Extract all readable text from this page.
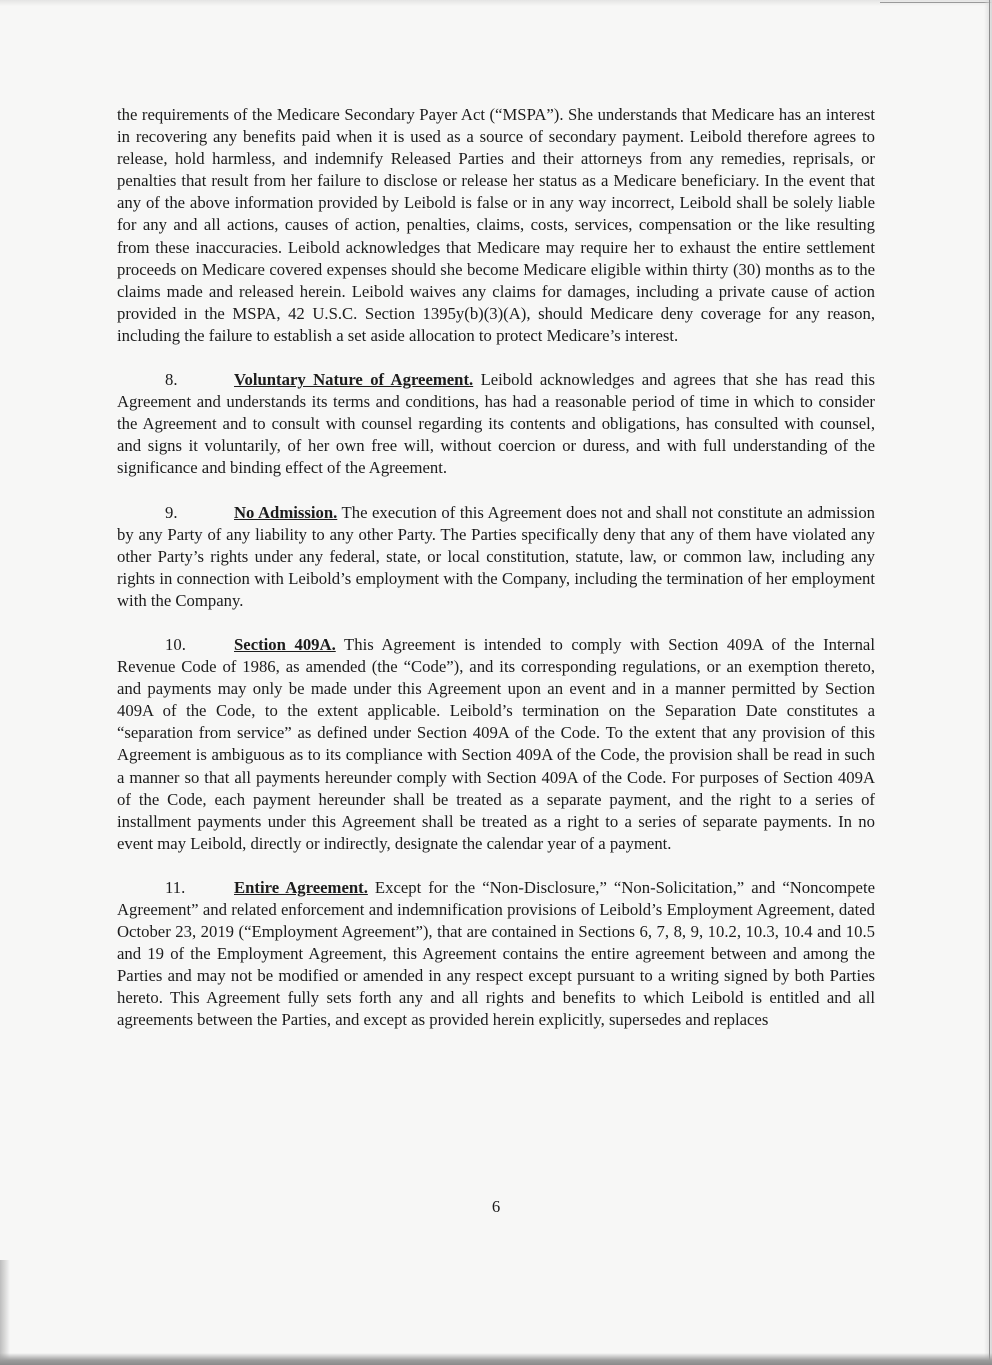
the requirements of the Medicare Secondary Payer Act (“MSPA”). She understands that Medicare has an interest in recovering any benefits paid when it is used as a source of secondary payment. Leibold therefore agrees to release, hold harmless, and indemnify Released Parties and their attorneys from any remedies, reprisals, or penalties that result from her failure to disclose or release her status as a Medicare beneficiary. In the event that any of the above information provided by Leibold is false or in any way incorrect, Leibold shall be solely liable for any and all actions, causes of action, penalties, claims, costs, services, compensation or the like resulting from these inaccuracies. Leibold acknowledges that Medicare may require her to exhaust the entire settlement proceeds on Medicare covered expenses should she become Medicare eligible within thirty (30) months as to the claims made and released herein. Leibold waives any claims for damages, including a private cause of action provided in the MSPA, 42 U.S.C. Section 1395y(b)(3)(A), should Medicare deny coverage for any reason, including the failure to establish a set aside allocation to protect Medicare’s interest.

8.	Voluntary Nature of Agreement. Leibold acknowledges and agrees that she has read this Agreement and understands its terms and conditions, has had a reasonable period of time in which to consider the Agreement and to consult with counsel regarding its contents and obligations, has consulted with counsel, and signs it voluntarily, of her own free will, without coercion or duress, and with full understanding of the significance and binding effect of the Agreement.

9.	No Admission. The execution of this Agreement does not and shall not constitute an admission by any Party of any liability to any other Party. The Parties specifically deny that any of them have violated any other Party’s rights under any federal, state, or local constitution, statute, law, or common law, including any rights in connection with Leibold’s employment with the Company, including the termination of her employment with the Company.

10.	Section 409A. This Agreement is intended to comply with Section 409A of the Internal Revenue Code of 1986, as amended (the “Code”), and its corresponding regulations, or an exemption thereto, and payments may only be made under this Agreement upon an event and in a manner permitted by Section 409A of the Code, to the extent applicable. Leibold’s termination on the Separation Date constitutes a “separation from service” as defined under Section 409A of the Code. To the extent that any provision of this Agreement is ambiguous as to its compliance with Section 409A of the Code, the provision shall be read in such a manner so that all payments hereunder comply with Section 409A of the Code. For purposes of Section 409A of the Code, each payment hereunder shall be treated as a separate payment, and the right to a series of installment payments under this Agreement shall be treated as a right to a series of separate payments. In no event may Leibold, directly or indirectly, designate the calendar year of a payment.

11.	Entire Agreement. Except for the “Non-Disclosure,” “Non-Solicitation,” and “Noncompete Agreement” and related enforcement and indemnification provisions of Leibold’s Employment Agreement, dated October 23, 2019 (“Employment Agreement”), that are contained in Sections 6, 7, 8, 9, 10.2, 10.3, 10.4 and 10.5 and 19 of the Employment Agreement, this Agreement contains the entire agreement between and among the Parties and may not be modified or amended in any respect except pursuant to a writing signed by both Parties hereto. This Agreement fully sets forth any and all rights and benefits to which Leibold is entitled and all agreements between the Parties, and except as provided herein explicitly, supersedes and replaces

6
